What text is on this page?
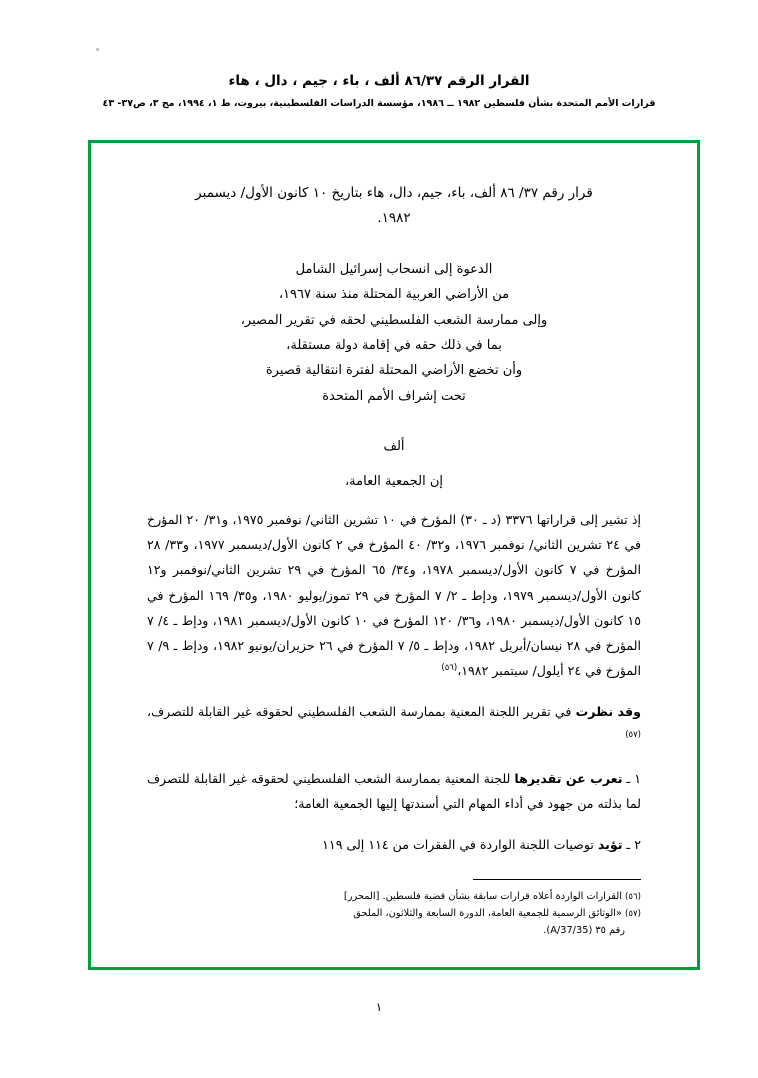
القرار الرقم ٨٦/٣٧ ألف ، باء ، جيم ، دال ، هاء
قرارات الأمم المتحدة بشأن فلسطين ١٩٨٢ ــ ١٩٨٦، مؤسسة الدراسات الفلسطينية، بيروت، ط ١، ١٩٩٤، مج ٣، ص٣٧- ٤٣
قرار رقم ٣٧/ ٨٦ ألف، باء، جيم، دال، هاء بتاريخ ١٠ كانون الأول/ ديسمبر ١٩٨٢.
الدعوة إلى انسحاب إسرائيل الشامل
من الأراضي العربية المحتلة منذ سنة ١٩٦٧،
وإلى ممارسة الشعب الفلسطيني لحقه في تقرير المصير،
بما في ذلك حقه في إقامة دولة مستقلة،
وأن تخضع الأراضي المحتلة لفترة انتقالية قصيرة
تحت إشراف الأمم المتحدة
ألف
إن الجمعية العامة،

إذ تشير إلى قراراتها ٣٣٧٦ (د ـ ٣٠) المؤرخ في ١٠ تشرين الثاني/ نوفمبر ١٩٧٥، و٣١/ ٢٠ المؤرخ في ٢٤ تشرين الثاني/ نوفمبر ١٩٧٦، و٣٢/ ٤٠ المؤرخ في ٢ كانون الأول/ديسمبر ١٩٧٧، و٣٣/ ٢٨ المؤرخ في ٧ كانون الأول/ديسمبر ١٩٧٨، و٣٤/ ٦٥ المؤرخ في ٢٩ تشرين الثاني/نوفمبر و١٢ كانون الأول/ديسمبر ١٩٧٩، ودإط ـ ٢/ ٧ المؤرخ في ٢٩ تموز/يوليو ١٩٨٠، و٣٥/ ١٦٩ المؤرخ في ١٥ كانون الأول/ديسمبر ١٩٨٠، و٣٦/ ١٢٠ المؤرخ في ١٠ كانون الأول/ديسمبر ١٩٨١، ودإط ـ ٤/ ٧ المؤرخ في ٢٨ نيسان/أبريل ١٩٨٢، ودإط ـ ٥/ ٧ المؤرخ في ٢٦ حزيران/يونيو ١٩٨٢، ودإط ـ ٩/ ٧ المؤرخ في ٢٤ أيلول/ سبتمبر ١٩٨٢،$^{(٥٦)}$

وقد نظرت في تقرير اللجنة المعنية بممارسة الشعب الفلسطيني لحقوقه غير القابلة للتصرف،$^{(٥٧)}$

١ ـ تعرب عن تقديرها للجنة المعنية بممارسة الشعب الفلسطيني لحقوقه غير القابلة للتصرف لما بذلته من جهود في أداء المهام التي أسندتها إليها الجمعية العامة؛

٢ ـ تؤيد توصيات اللجنة الواردة في الفقرات من ١١٤ إلى ١١٩

(٥٦) القرارات الواردة أعلاه قرارات سابقة بشأن قضية فلسطين. [المحرر]
(٥٧) «الوثائق الرسمية للجمعية العامة، الدورة السابعة والثلاثون، الملحق
رقم ٣٥ (A/37/35).
١
